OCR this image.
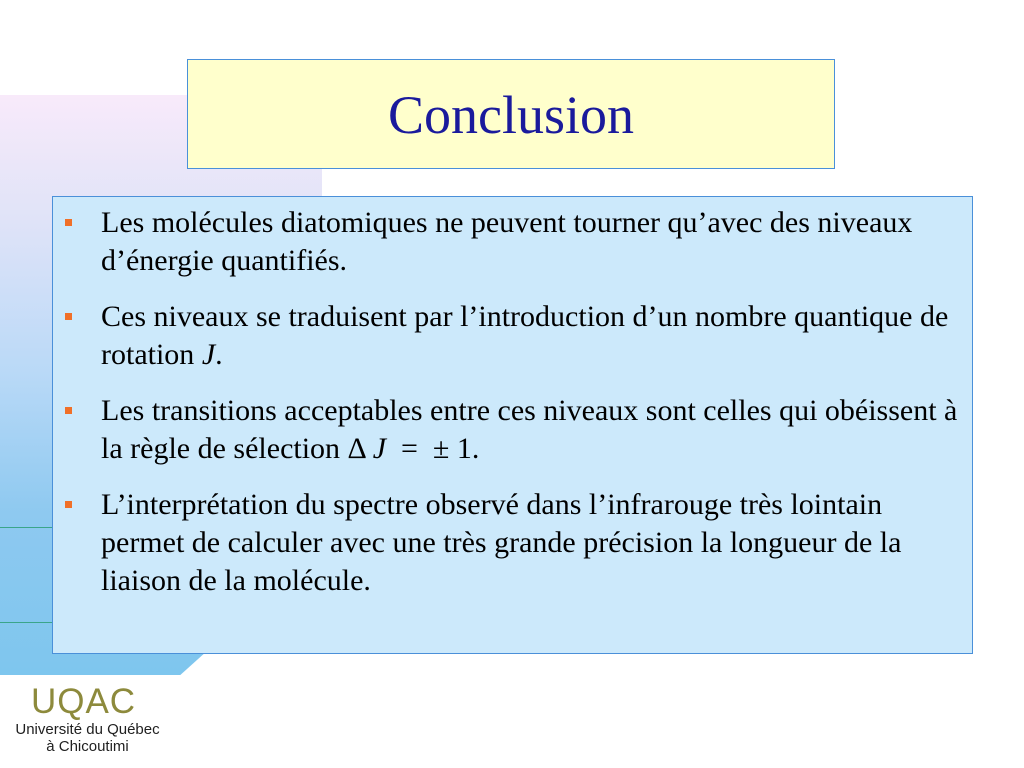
Conclusion
Les molécules diatomiques ne peuvent tourner qu’avec des niveaux d’énergie quantifiés.
Ces niveaux se traduisent par l’introduction d’un nombre quantique de rotation J.
Les transitions acceptables entre ces niveaux sont celles qui obéissent à la règle de sélection Δ J  =  ± 1.
L’interprétation du spectre observé dans l’infrarouge très lointain permet de calculer avec une très grande précision la longueur de la liaison de la molécule.
UQAC
Université du Québec
à Chicoutimi
